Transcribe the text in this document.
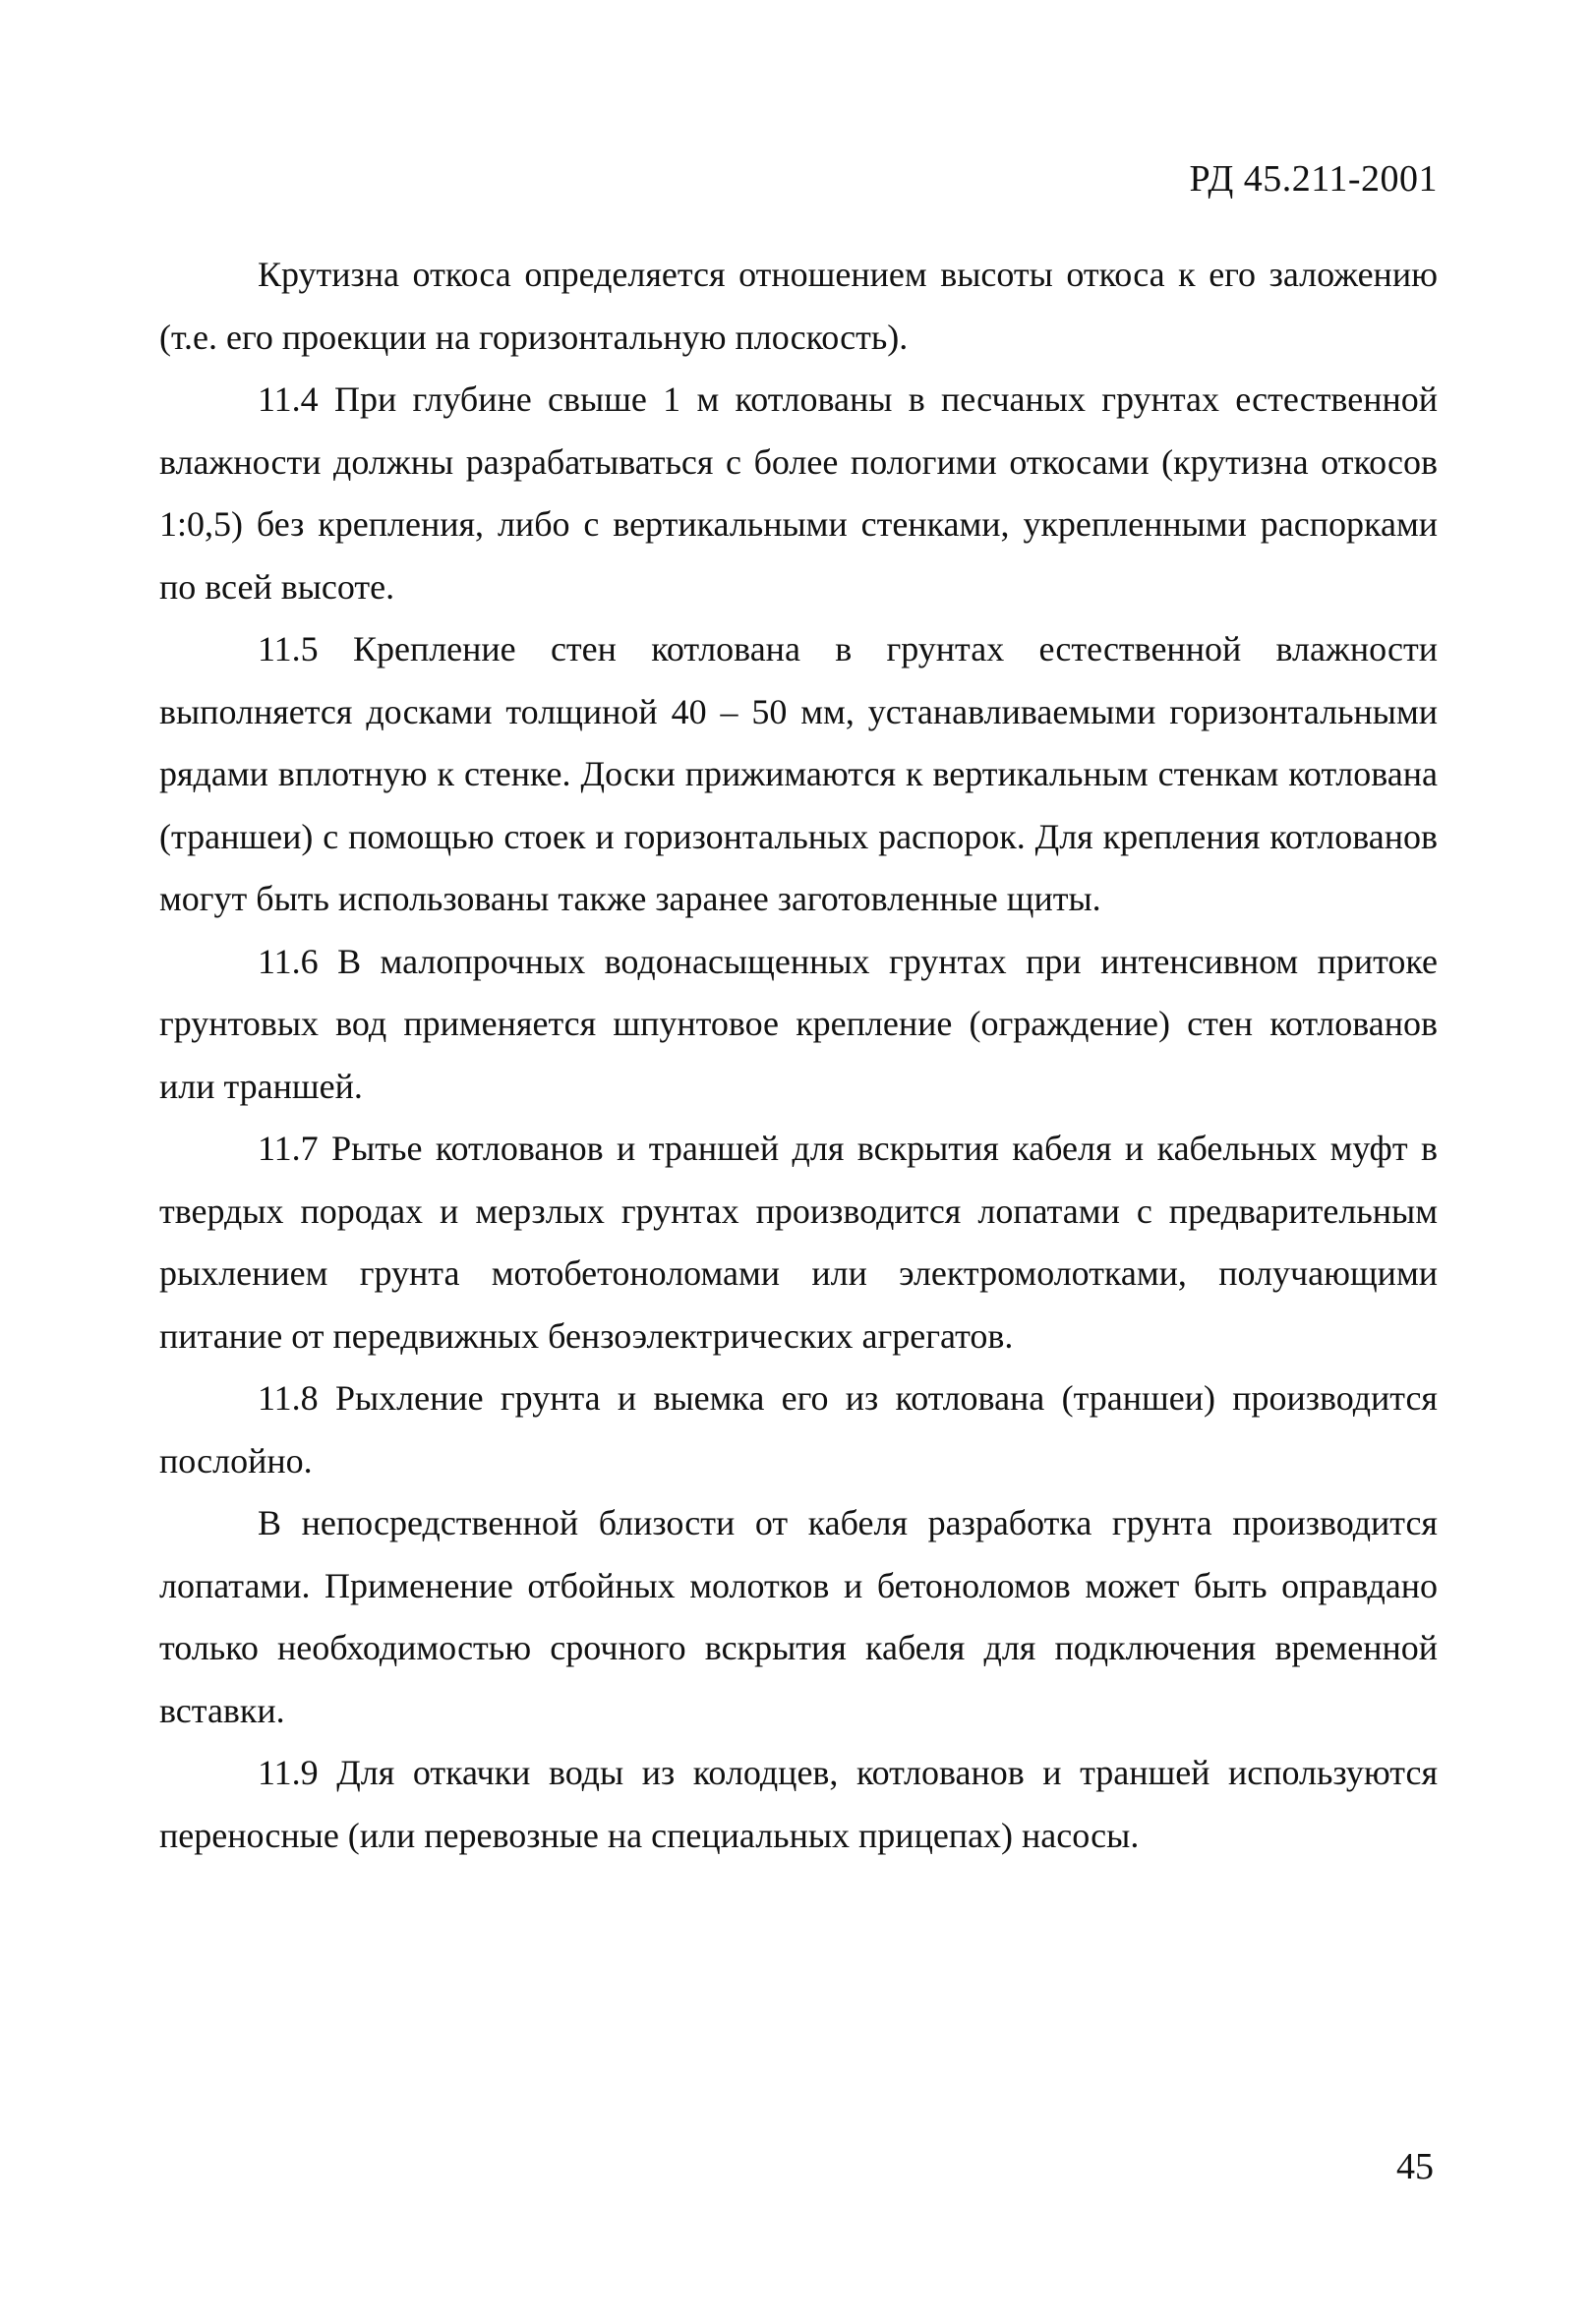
РД 45.211-2001

Крутизна откоса определяется отношением высоты откоса к его заложению (т.е. его проекции на горизонтальную плоскость).

11.4 При глубине свыше 1 м котлованы в песчаных грунтах естественной влажности должны разрабатываться с более пологими откосами (крутизна откосов 1:0,5) без крепления, либо с вертикальными стенками, укрепленными распорками по всей высоте.

11.5 Крепление стен котлована в грунтах естественной влажности выполняется досками толщиной 40 – 50 мм, устанавливаемыми горизонтальными рядами вплотную к стенке. Доски прижимаются к вертикальным стенкам котлована (траншеи) с помощью стоек и горизонтальных распорок. Для крепления котлованов могут быть использованы также заранее заготовленные щиты.

11.6 В малопрочных водонасыщенных грунтах при интенсивном притоке грунтовых вод применяется шпунтовое крепление (ограждение) стен котлованов или траншей.

11.7 Рытье котлованов и траншей для вскрытия кабеля и кабельных муфт в твердых породах и мерзлых грунтах производится лопатами с предварительным рыхлением грунта мотобетоноломами или электромолотками, получающими питание от передвижных бензоэлектрических агрегатов.

11.8 Рыхление грунта и выемка его из котлована (траншеи) производится послойно.

В непосредственной близости от кабеля разработка грунта производится лопатами. Применение отбойных молотков и бетоноломов может быть оправдано только необходимостью срочного вскрытия кабеля для подключения временной вставки.

11.9 Для откачки воды из колодцев, котлованов и траншей используются переносные (или перевозные на специальных прицепах) насосы.

45
